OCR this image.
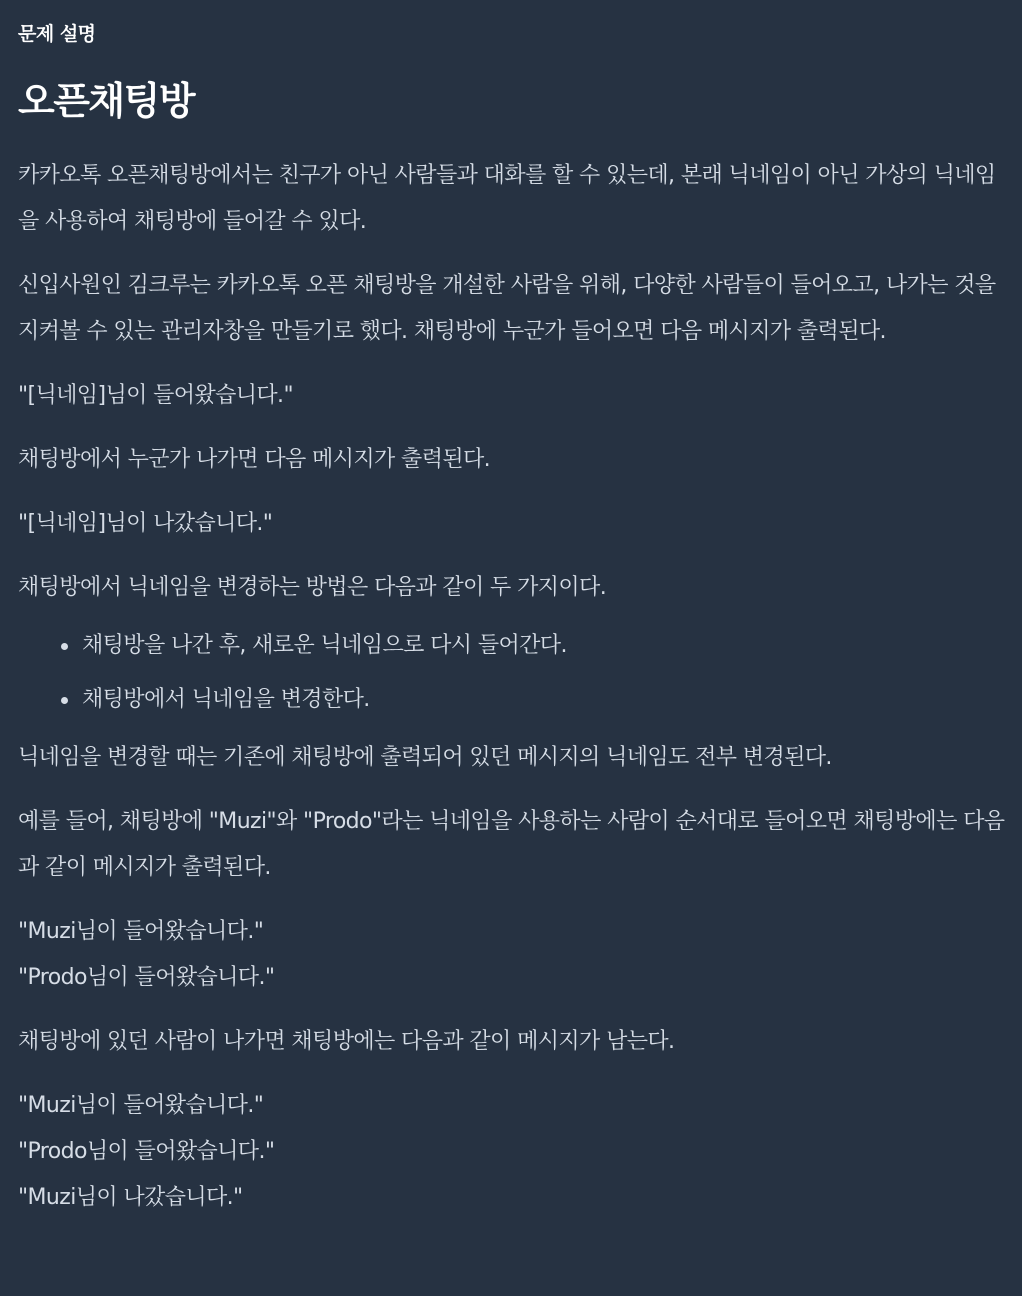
문제 설명
오픈채팅방

카카오톡 오픈채팅방에서는 친구가 아닌 사람들과 대화를 할 수 있는데, 본래 닉네임이 아닌 가상의 닉네임을 사용하여 채팅방에 들어갈 수 있다.

신입사원인 김크루는 카카오톡 오픈 채팅방을 개설한 사람을 위해, 다양한 사람들이 들어오고, 나가는 것을 지켜볼 수 있는 관리자창을 만들기로 했다. 채팅방에 누군가 들어오면 다음 메시지가 출력된다.

"[닉네임]님이 들어왔습니다."

채팅방에서 누군가 나가면 다음 메시지가 출력된다.

"[닉네임]님이 나갔습니다."

채팅방에서 닉네임을 변경하는 방법은 다음과 같이 두 가지이다.

채팅방을 나간 후, 새로운 닉네임으로 다시 들어간다.
채팅방에서 닉네임을 변경한다.

닉네임을 변경할 때는 기존에 채팅방에 출력되어 있던 메시지의 닉네임도 전부 변경된다.

예를 들어, 채팅방에 "Muzi"와 "Prodo"라는 닉네임을 사용하는 사람이 순서대로 들어오면 채팅방에는 다음과 같이 메시지가 출력된다.

"Muzi님이 들어왔습니다."

"Prodo님이 들어왔습니다."

채팅방에 있던 사람이 나가면 채팅방에는 다음과 같이 메시지가 남는다.

"Muzi님이 들어왔습니다."

"Prodo님이 들어왔습니다."

"Muzi님이 나갔습니다."
